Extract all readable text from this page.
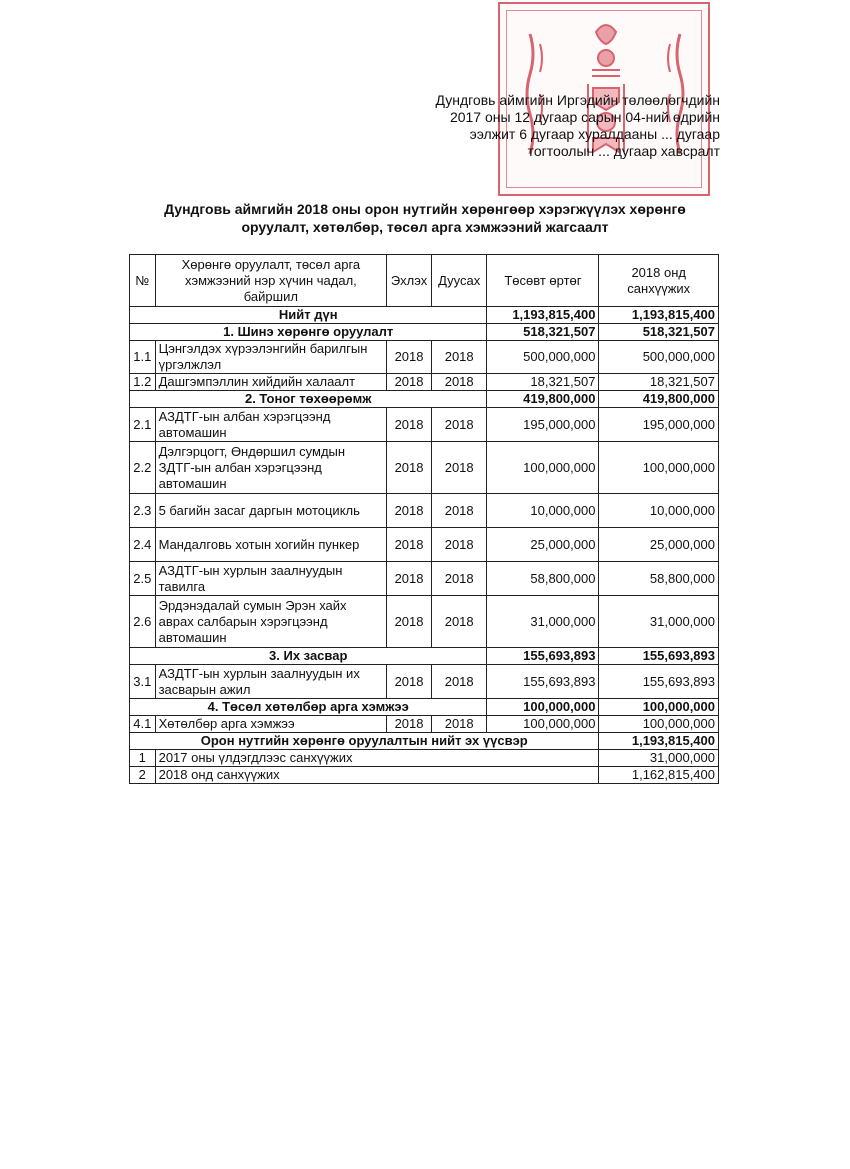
Дундговь аймгийн Иргэдийн төлөөлөгчдийн
2017 оны 12 дугаар сарын 04-ний өдрийн
ээлжит 6 дугаар хуралдааны ... дугаар
тогтоолын ... дугаар хавсралт
Дундговь аймгийн 2018 оны орон нутгийн хөрөнгөөр хэрэгжүүлэх хөрөнгө
оруулалт, хөтөлбөр, төсөл арга хэмжээний жагсаалт
№	Хөрөнгө оруулалт, төсөл арга хэмжээний нэр хүчин чадал, байршил	Эхлэх	Дуусах	Төсөвт өртөг	2018 онд санхүүжих
Нийт дүн				1,193,815,400	1,193,815,400
1. Шинэ хөрөнгө оруулалт				518,321,507	518,321,507
1.1	Цэнгэлдэх хүрээлэнгийн барилгын үргэлжлэл	2018	2018	500,000,000	500,000,000
1.2	Дашгэмпэллин хийдийн халаалт	2018	2018	18,321,507	18,321,507
2. Тоног төхөөрөмж				419,800,000	419,800,000
2.1	АЗДТГ-ын албан хэрэгцээнд автомашин	2018	2018	195,000,000	195,000,000
2.2	Дэлгэрцогт, Өндөршил сумдын ЗДТГ-ын албан хэрэгцээнд автомашин	2018	2018	100,000,000	100,000,000
2.3	5 багийн засаг даргын мотоцикль	2018	2018	10,000,000	10,000,000
2.4	Мандалговь хотын хогийн пункер	2018	2018	25,000,000	25,000,000
2.5	АЗДТГ-ын хурлын заалнуудын тавилга	2018	2018	58,800,000	58,800,000
2.6	Эрдэнэдалай сумын Эрэн хайх аврах салбарын хэрэгцээнд автомашин	2018	2018	31,000,000	31,000,000
3. Их засвар				155,693,893	155,693,893
3.1	АЗДТГ-ын хурлын заалнуудын их засварын ажил	2018	2018	155,693,893	155,693,893
4. Төсөл хөтөлбөр арга хэмжээ				100,000,000	100,000,000
4.1	Хөтөлбөр арга хэмжээ	2018	2018	100,000,000	100,000,000
Орон нутгийн хөрөнгө оруулалтын нийт эх үүсвэр					1,193,815,400
1	2017 оны үлдэгдлээс санхүүжих				31,000,000
2	2018 онд санхүүжих				1,162,815,400
